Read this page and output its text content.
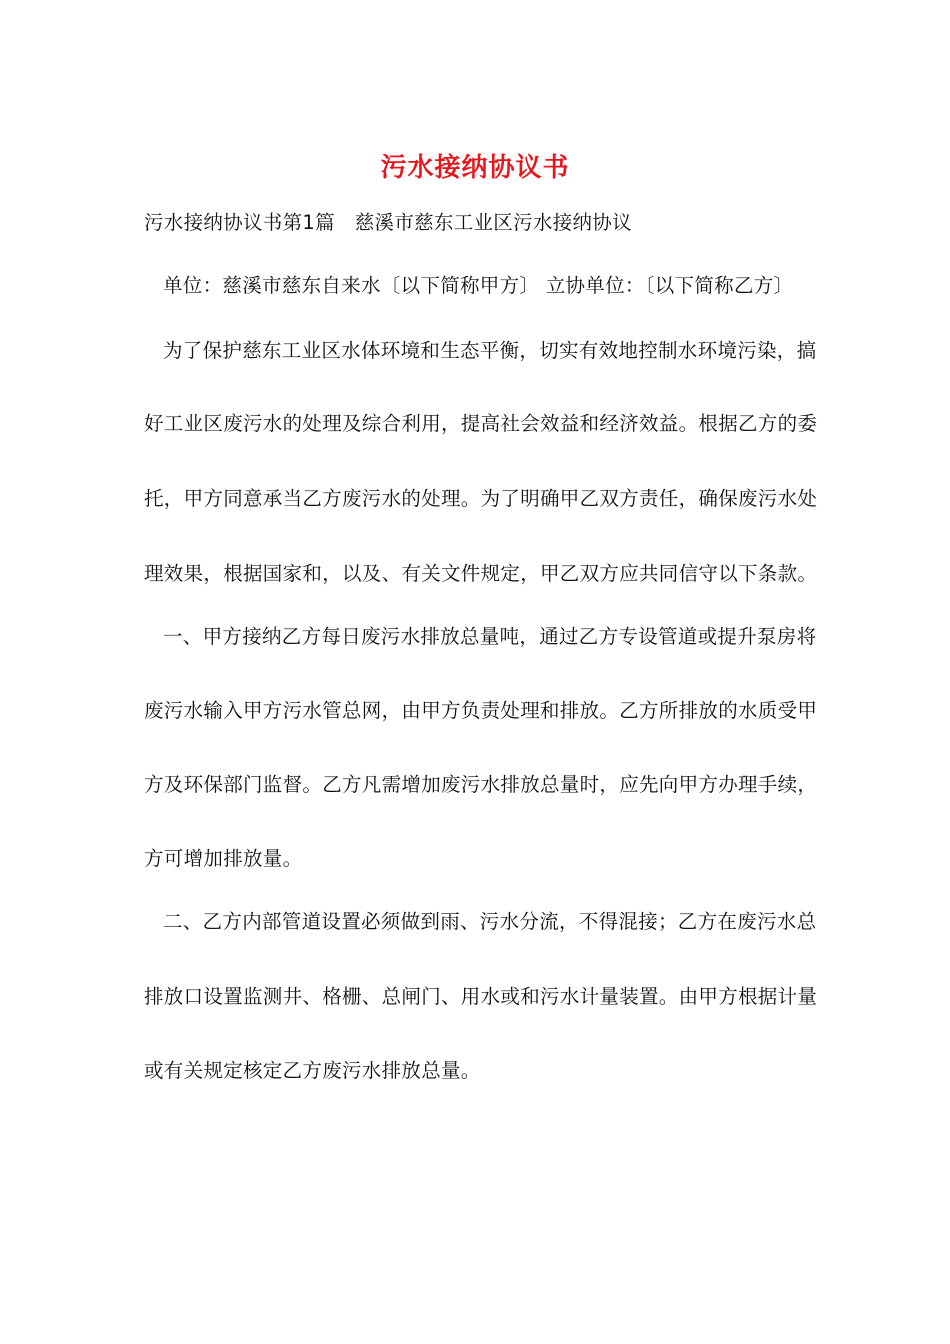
污水接纳协议书
污水接纳协议书第1篇　慈溪市慈东工业区污水接纳协议
单位：慈溪市慈东自来水〔以下简称甲方〕 立协单位：〔以下简称乙方〕
为了保护慈东工业区水体环境和生态平衡，切实有效地控制水环境污染，搞
好工业区废污水的处理及综合利用，提高社会效益和经济效益。根据乙方的委
托，甲方同意承当乙方废污水的处理。为了明确甲乙双方责任，确保废污水处
理效果，根据国家和，以及、有关文件规定，甲乙双方应共同信守以下条款。
一、甲方接纳乙方每日废污水排放总量吨，通过乙方专设管道或提升泵房将
废污水输入甲方污水管总网，由甲方负责处理和排放。乙方所排放的水质受甲
方及环保部门监督。乙方凡需增加废污水排放总量时，应先向甲方办理手续，
方可增加排放量。
二、乙方内部管道设置必须做到雨、污水分流，不得混接；乙方在废污水总
排放口设置监测井、格栅、总闸门、用水或和污水计量装置。由甲方根据计量
或有关规定核定乙方废污水排放总量。
